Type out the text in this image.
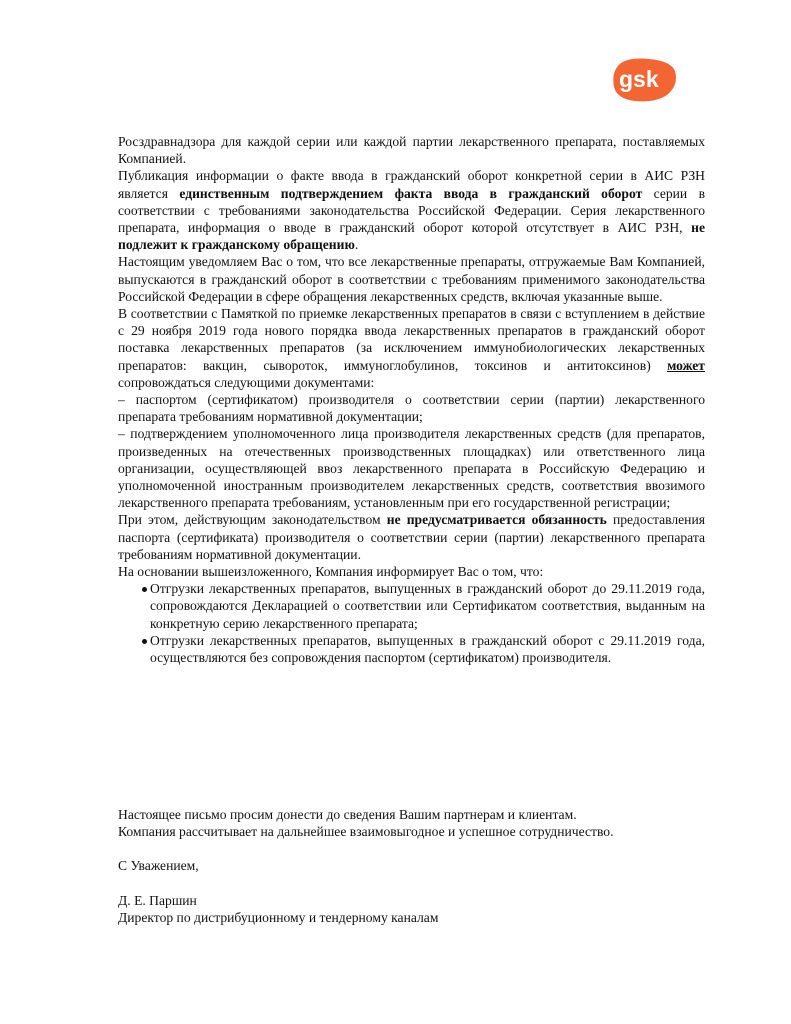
gsk

Росздравнадзора для каждой серии или каждой партии лекарственного препарата, поставляемых Компанией.

Публикация информации о факте ввода в гражданский оборот конкретной серии в АИС РЗН является единственным подтверждением факта ввода в гражданский оборот серии в соответствии с требованиями законодательства Российской Федерации. Серия лекарственного препарата, информация о вводе в гражданский оборот которой отсутствует в АИС РЗН, не подлежит к гражданскому обращению.

Настоящим уведомляем Вас о том, что все лекарственные препараты, отгружаемые Вам Компанией, выпускаются в гражданский оборот в соответствии с требованиям применимого законодательства Российской Федерации в сфере обращения лекарственных средств, включая указанные выше.

В соответствии с Памяткой по приемке лекарственных препаратов в связи с вступлением в действие с 29 ноября 2019 года нового порядка ввода лекарственных препаратов в гражданский оборот поставка лекарственных препаратов (за исключением иммунобиологических лекарственных препаратов: вакцин, сывороток, иммуноглобулинов, токсинов и антитоксинов) может сопровождаться следующими документами:

– паспортом (сертификатом) производителя о соответствии серии (партии) лекарственного препарата требованиям нормативной документации;

– подтверждением уполномоченного лица производителя лекарственных средств (для препаратов, произведенных на отечественных производственных площадках) или ответственного лица организации, осуществляющей ввоз лекарственного препарата в Российскую Федерацию и уполномоченной иностранным производителем лекарственных средств, соответствия ввозимого лекарственного препарата требованиям, установленным при его государственной регистрации;

При этом, действующим законодательством не предусматривается обязанность предоставления паспорта (сертификата) производителя о соответствии серии (партии) лекарственного препарата требованиям нормативной документации.

На основании вышеизложенного, Компания информирует Вас о том, что:

Отгрузки лекарственных препаратов, выпущенных в гражданский оборот до 29.11.2019 года, сопровождаются Декларацией о соответствии или Сертификатом соответствия, выданным на конкретную серию лекарственного препарата;
Отгрузки лекарственных препаратов, выпущенных в гражданский оборот с 29.11.2019 года, осуществляются без сопровождения паспортом (сертификатом) производителя.

Настоящее письмо просим донести до сведения Вашим партнерам и клиентам.

Компания рассчитывает на дальнейшее взаимовыгодное и успешное сотрудничество.

С Уважением,

Д. Е. Паршин

Директор по дистрибуционному и тендерному каналам
